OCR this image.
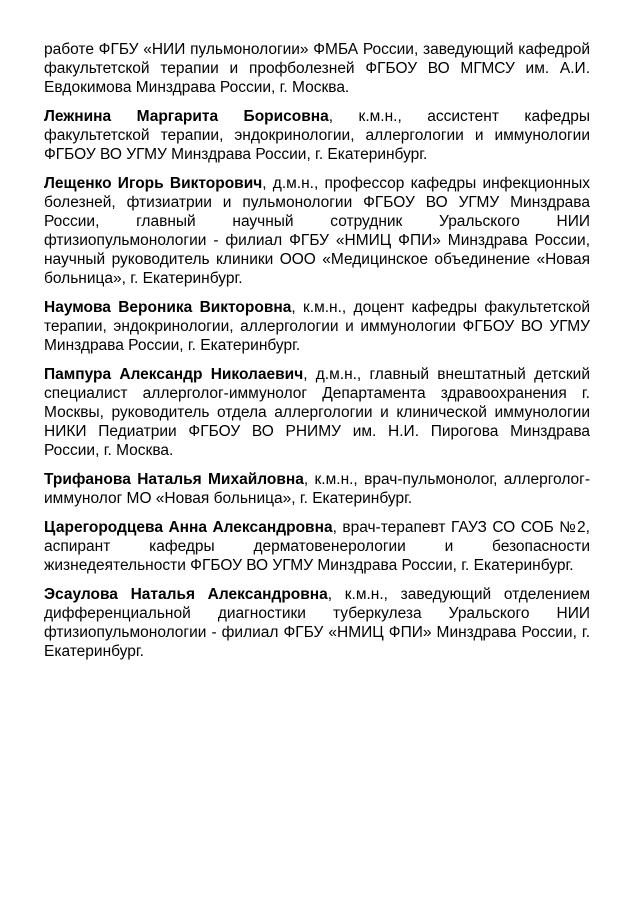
работе ФГБУ «НИИ пульмонологии» ФМБА России, заведующий кафедрой факультетской терапии и профболезней ФГБОУ ВО МГМСУ им. А.И. Евдокимова Минздрава России, г. Москва.

Лежнина Маргарита Борисовна, к.м.н., ассистент кафедры факультетской терапии, эндокринологии, аллергологии и иммунологии ФГБОУ ВО УГМУ Минздрава России, г. Екатеринбург.

Лещенко Игорь Викторович, д.м.н., профессор кафедры инфекционных болезней, фтизиатрии и пульмонологии ФГБОУ ВО УГМУ Минздрава России, главный научный сотрудник Уральского НИИ фтизиопульмонологии - филиал ФГБУ «НМИЦ ФПИ» Минздрава России, научный руководитель клиники ООО «Медицинское объединение «Новая больница», г. Екатеринбург.

Наумова Вероника Викторовна, к.м.н., доцент кафедры факультетской терапии, эндокринологии, аллергологии и иммунологии ФГБОУ ВО УГМУ Минздрава России, г. Екатеринбург.

Пампура Александр Николаевич, д.м.н., главный внештатный детский специалист аллерголог-иммунолог Департамента здравоохранения г. Москвы, руководитель отдела аллергологии и клинической иммунологии НИКИ Педиатрии ФГБОУ ВО РНИМУ им. Н.И. Пирогова Минздрава России, г. Москва.

Трифанова Наталья Михайловна, к.м.н., врач-пульмонолог, аллерголог-иммунолог МО «Новая больница», г. Екатеринбург.

Царегородцева Анна Александровна, врач-терапевт ГАУЗ СО СОБ №2, аспирант кафедры дерматовенерологии и безопасности жизнедеятельности ФГБОУ ВО УГМУ Минздрава России, г. Екатеринбург.

Эсаулова Наталья Александровна, к.м.н., заведующий отделением дифференциальной диагностики туберкулеза Уральского НИИ фтизиопульмонологии - филиал ФГБУ «НМИЦ ФПИ» Минздрава России, г. Екатеринбург.
